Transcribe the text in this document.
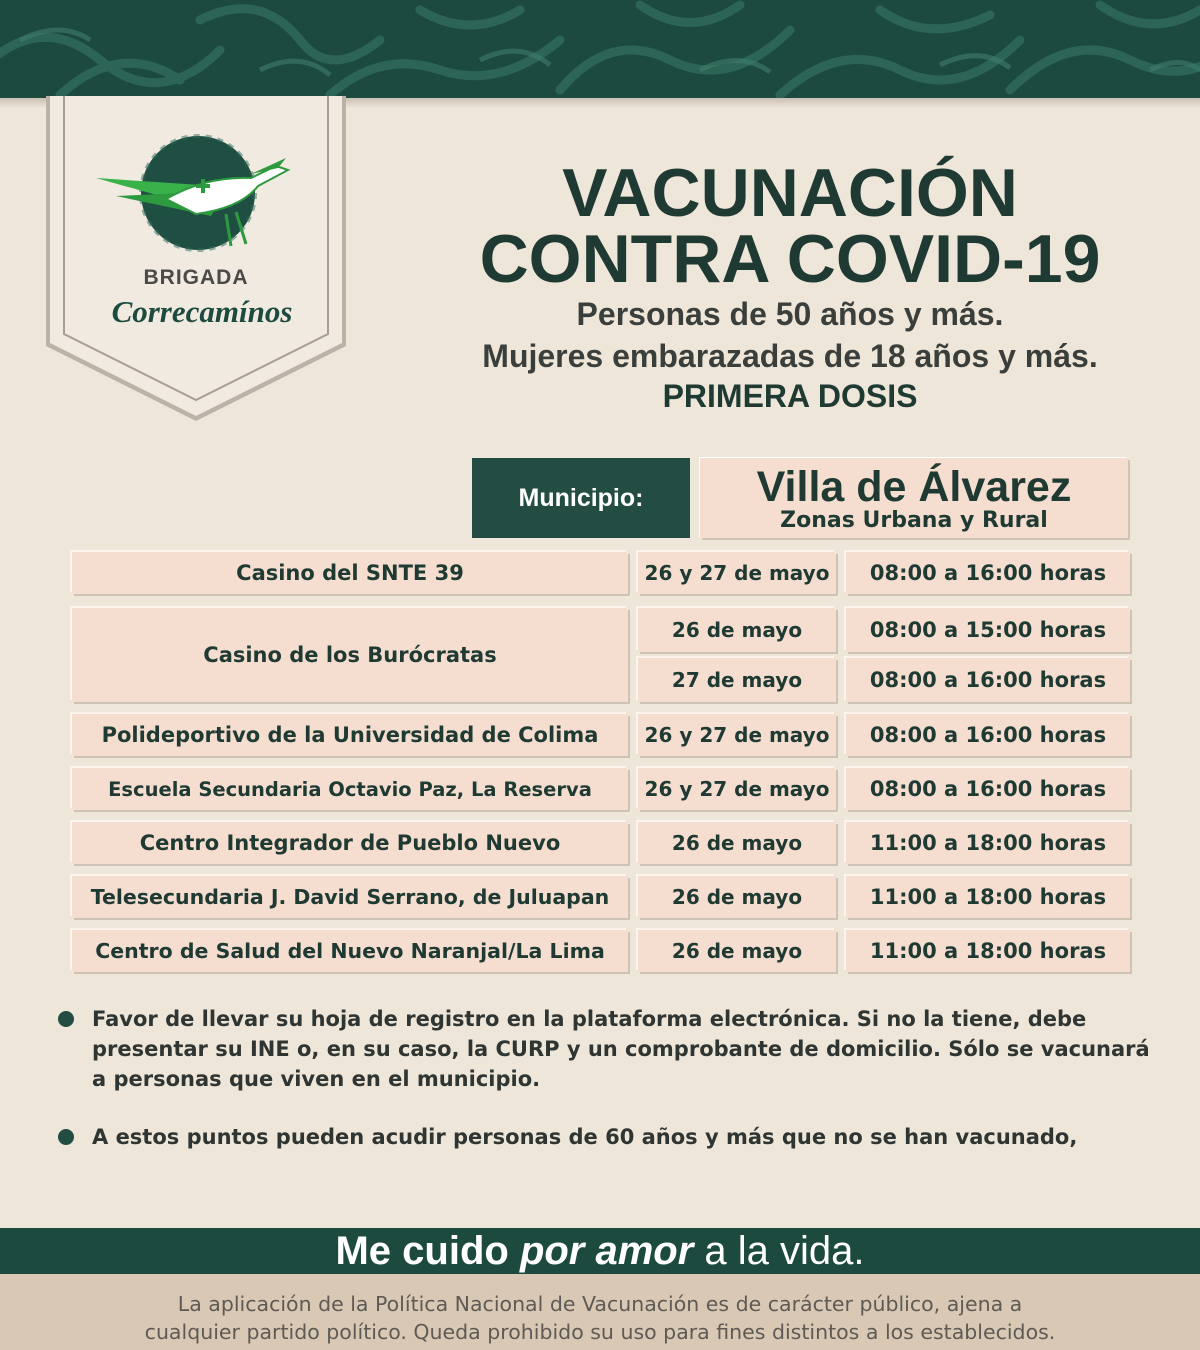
BRIGADA
Correcamínos
VACUNACIÓN
CONTRA COVID-19

Personas de 50 años y más.

Mujeres embarazadas de 18 años y más.

PRIMERA DOSIS

Municipio:	Villa de Álvarez
Zonas Urbana y Rural
Casino del SNTE 39	26 y 27 de mayo	08:00 a 16:00 horas
Casino de los Burócratas
26 de mayo	08:00 a 15:00 horas
27 de mayo	08:00 a 16:00 horas
Polideportivo de la Universidad de Colima	26 y 27 de mayo	08:00 a 16:00 horas
Escuela Secundaria Octavio Paz, La Reserva	26 y 27 de mayo	08:00 a 16:00 horas
Centro Integrador de Pueblo Nuevo	26 de mayo	11:00 a 18:00 horas
Telesecundaria J. David Serrano, de Juluapan	26 de mayo	11:00 a 18:00 horas
Centro de Salud del Nuevo Naranjal/La Lima	26 de mayo	11:00 a 18:00 horas
Favor de llevar su hoja de registro en la plataforma electrónica. Si no la tiene, debe presentar su INE o, en su caso, la CURP y un comprobante de domicilio. Sólo se vacunará a personas que viven en el municipio.
A estos puntos pueden acudir personas de 60 años y más que no se han vacunado,
Me cuido por amor a la vida.
La aplicación de la Política Nacional de Vacunación es de carácter público, ajena a
cualquier partido político. Queda prohibido su uso para fines distintos a los establecidos.
